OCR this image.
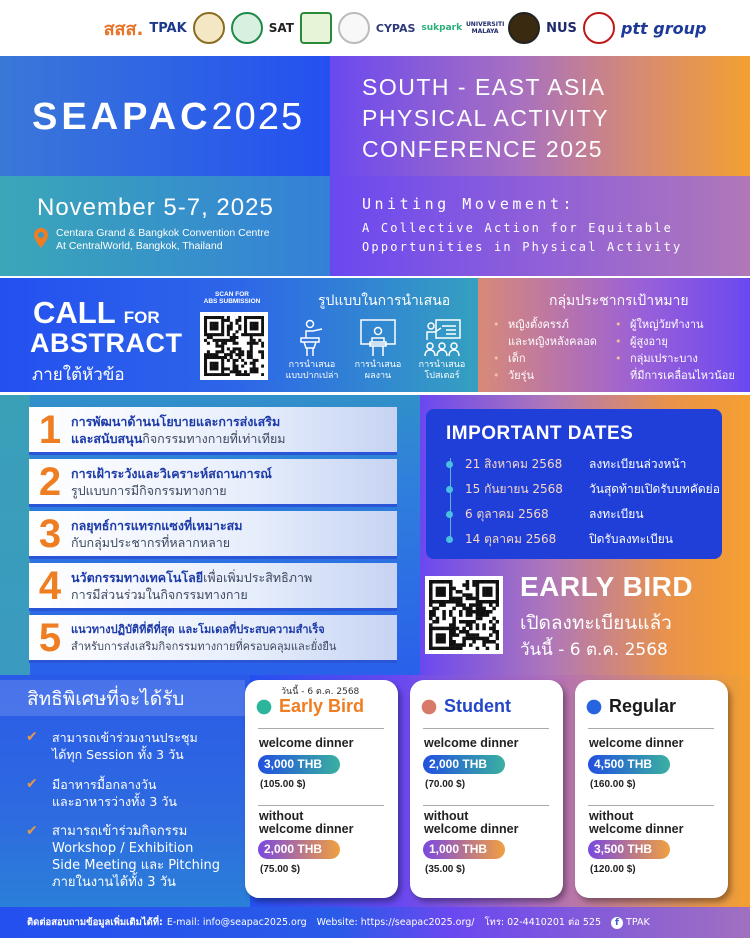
สสส. TPAK	SAT	CYPAS sukpark UNIVERSITI MALAYA	NUS	ptt group
SEAPAC2025
SOUTH - EAST ASIA
PHYSICAL ACTIVITY
CONFERENCE 2025
November 5-7, 2025
Centara Grand & Bangkok Convention Centre
At CentralWorld, Bangkok, Thailand
Uniting Movement:
A Collective Action for Equitable
Opportunities in Physical Activity
CALL FOR
ABSTRACT
ภายใต้หัวข้อ
SCAN FOR
ABS SUBMISSION	รูปแบบในการนำเสนอ
การนำเสนอ
แบบปากเปล่า
การนำเสนอ
ผลงาน
การนำเสนอ
โปสเตอร์
กลุ่มประชากรเป้าหมาย
• หญิงตั้งครรภ์
และหญิงหลังคลอด
• เด็ก
• วัยรุ่น
• ผู้ใหญ่วัยทำงาน
• ผู้สูงอายุ
• กลุ่มเปราะบาง
ที่มีการเคลื่อนไหวน้อย
1 การพัฒนาด้านนโยบายและการส่งเสริม
และสนับสนุนกิจกรรมทางกายที่เท่าเทียม
2 การเฝ้าระวังและวิเคราะห์สถานการณ์
รูปแบบการมีกิจกรรมทางกาย
3 กลยุทธ์การแทรกแซงที่เหมาะสม
กับกลุ่มประชากรที่หลากหลาย
4 นวัตกรรมทางเทคโนโลยีเพื่อเพิ่มประสิทธิภาพ
การมีส่วนร่วมในกิจกรรมทางกาย
5 แนวทางปฏิบัติที่ดีที่สุด และโมเดลที่ประสบความสำเร็จ
สำหรับการส่งเสริมกิจกรรมทางกายที่ครอบคลุมและยั่งยืน
IMPORTANT DATES
21 สิงหาคม 2568	ลงทะเบียนล่วงหน้า
15 กันยายน 2568	วันสุดท้ายเปิดรับบทคัดย่อ
6 ตุลาคม 2568	ลงทะเบียน
14 ตุลาคม 2568	ปิดรับลงทะเบียน
EARLY BIRD
เปิดลงทะเบียนแล้ว
วันนี้ - 6 ต.ค. 2568
สิทธิพิเศษที่จะได้รับ
✔	สามารถเข้าร่วมงานประชุม
ได้ทุก Session ทั้ง 3 วัน
✔	มีอาหารมื้อกลางวัน
และอาหารว่างทั้ง 3 วัน
✔	สามารถเข้าร่วมกิจกรรม
Workshop / Exhibition
Side Meeting และ Pitching
ภายในงานได้ทั้ง 3 วัน
วันนี้ - 6 ต.ค. 2568
Early Bird
welcome dinner
3,000 THB
(105.00 $)
without
welcome dinner
2,000 THB
(75.00 $)
Student
welcome dinner
2,000 THB
(70.00 $)
without
welcome dinner
1,000 THB
(35.00 $)
Regular
welcome dinner
4,500 THB
(160.00 $)
without
welcome dinner
3,500 THB
(120.00 $)
ติดต่อสอบถามข้อมูลเพิ่มเติมได้ที่: E-mail: info@seapac2025.org Website: https://seapac2025.org/ โทร: 02-4410201 ต่อ 525	f TPAK
